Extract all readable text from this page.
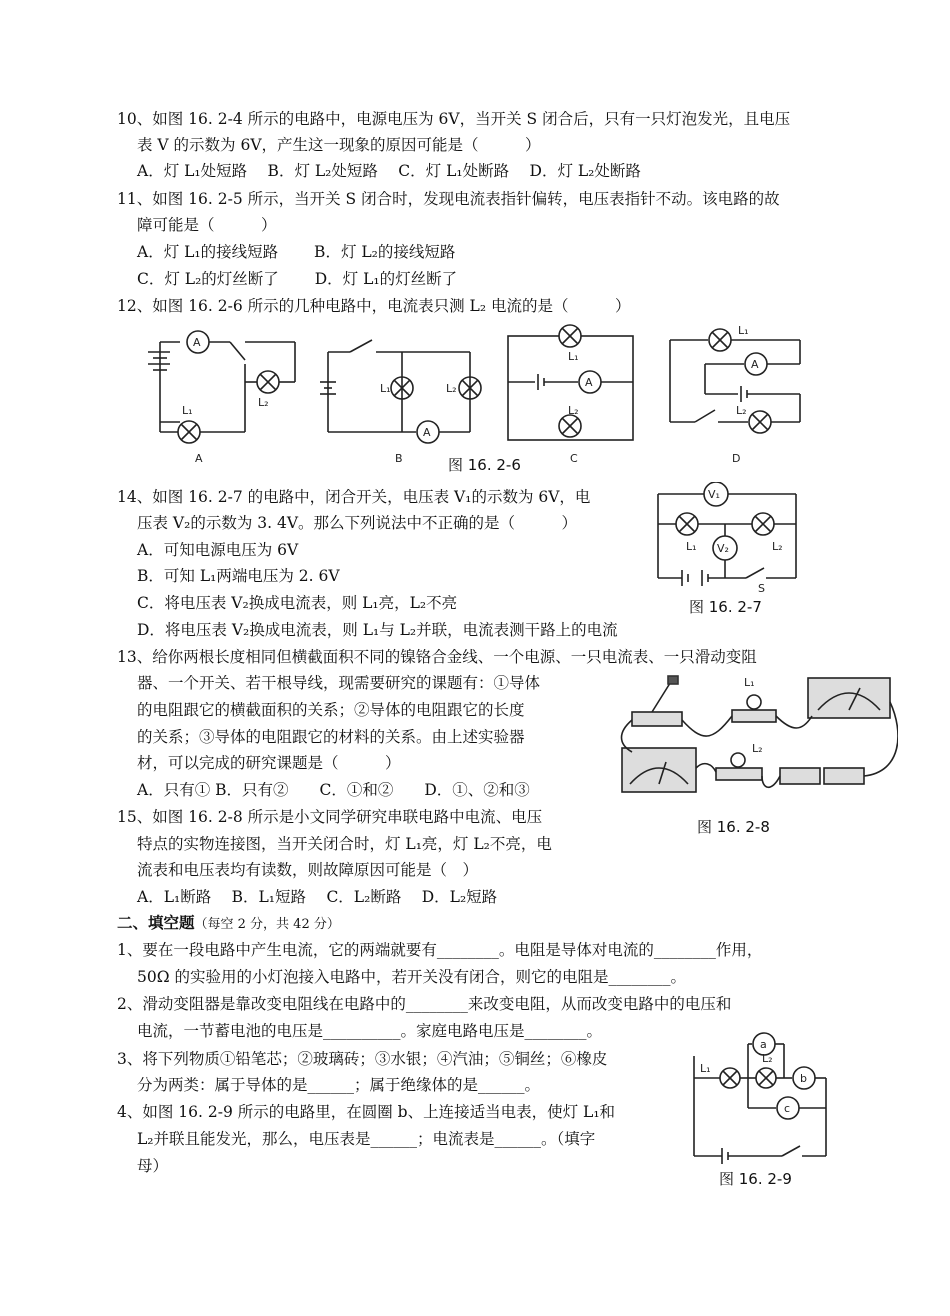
10、如图 16. 2-4 所示的电路中，电源电压为 6V，当开关 S 闭合后，只有一只灯泡发光，且电压
表 V 的示数为 6V，产生这一现象的原因可能是（　　　）
A．灯 L₁处短路　 B．灯 L₂处短路　 C．灯 L₁处断路　 D．灯 L₂处断路
11、如图 16. 2-5 所示，当开关 S 闭合时，发现电流表指针偏转，电压表指针不动。该电路的故
障可能是（　　　）
A．灯 L₁的接线短路　　 B．灯 L₂的接线短路
C．灯 L₂的灯丝断了　　 D．灯 L₁的灯丝断了
12、如图 16. 2-6 所示的几种电路中，电流表只测 L₂ 电流的是（　　　）
A
L₂
L₁
A
L₁	L₂
A
B
L₁
A
L₂
C
L₁
A
L₂
D
图 16. 2-6
14、如图 16. 2-7 的电路中，闭合开关，电压表 V₁的示数为 6V，电
压表 V₂的示数为 3. 4V。那么下列说法中不正确的是（　　　）
A．可知电源电压为 6V
B．可知 L₁两端电压为 2. 6V
C．将电压表 V₂换成电流表，则 L₁亮，L₂不亮
D．将电压表 V₂换成电流表，则 L₁与 L₂并联，电流表测干路上的电流
V₁
L₁	L₂
V₂
S
图 16. 2-7
13、给你两根长度相同但横截面积不同的镍铬合金线、一个电源、一只电流表、一只滑动变阻
器、一个开关、若干根导线，现需要研究的课题有：①导体
的电阻跟它的横截面积的关系；②导体的电阻跟它的长度
的关系；③导体的电阻跟它的材料的关系。由上述实验器
材，可以完成的研究课题是（　　　）
A．只有① B．只有②　　C．①和②　　D．①、②和③
15、如图 16. 2-8 所示是小文同学研究串联电路中电流、电压
特点的实物连接图，当开关闭合时，灯 L₁亮，灯 L₂不亮，电
流表和电压表均有读数，则故障原因可能是（　）
A．L₁断路　 B．L₁短路　 C．L₂断路　 D．L₂短路
L₁
L₂
图 16. 2-8
二、填空题（每空 2 分，共 42 分）
1、要在一段电路中产生电流，它的两端就要有________。电阻是导体对电流的________作用，
50Ω 的实验用的小灯泡接入电路中，若开关没有闭合，则它的电阻是________。
2、滑动变阻器是靠改变电阻线在电路中的________来改变电阻，从而改变电路中的电压和
电流，一节蓄电池的电压是__________。家庭电路电压是________。
3、将下列物质①铅笔芯；②玻璃砖；③水银；④汽油；⑤铜丝；⑥橡皮
分为两类：属于导体的是______；属于绝缘体的是______。
4、如图 16. 2-9 所示的电路里，在圆圈 b、上连接适当电表，使灯 L₁和
L₂并联且能发光，那么，电压表是______；电流表是______。（填字
母）
L₁
L₂
b
a
c
图 16. 2-9
